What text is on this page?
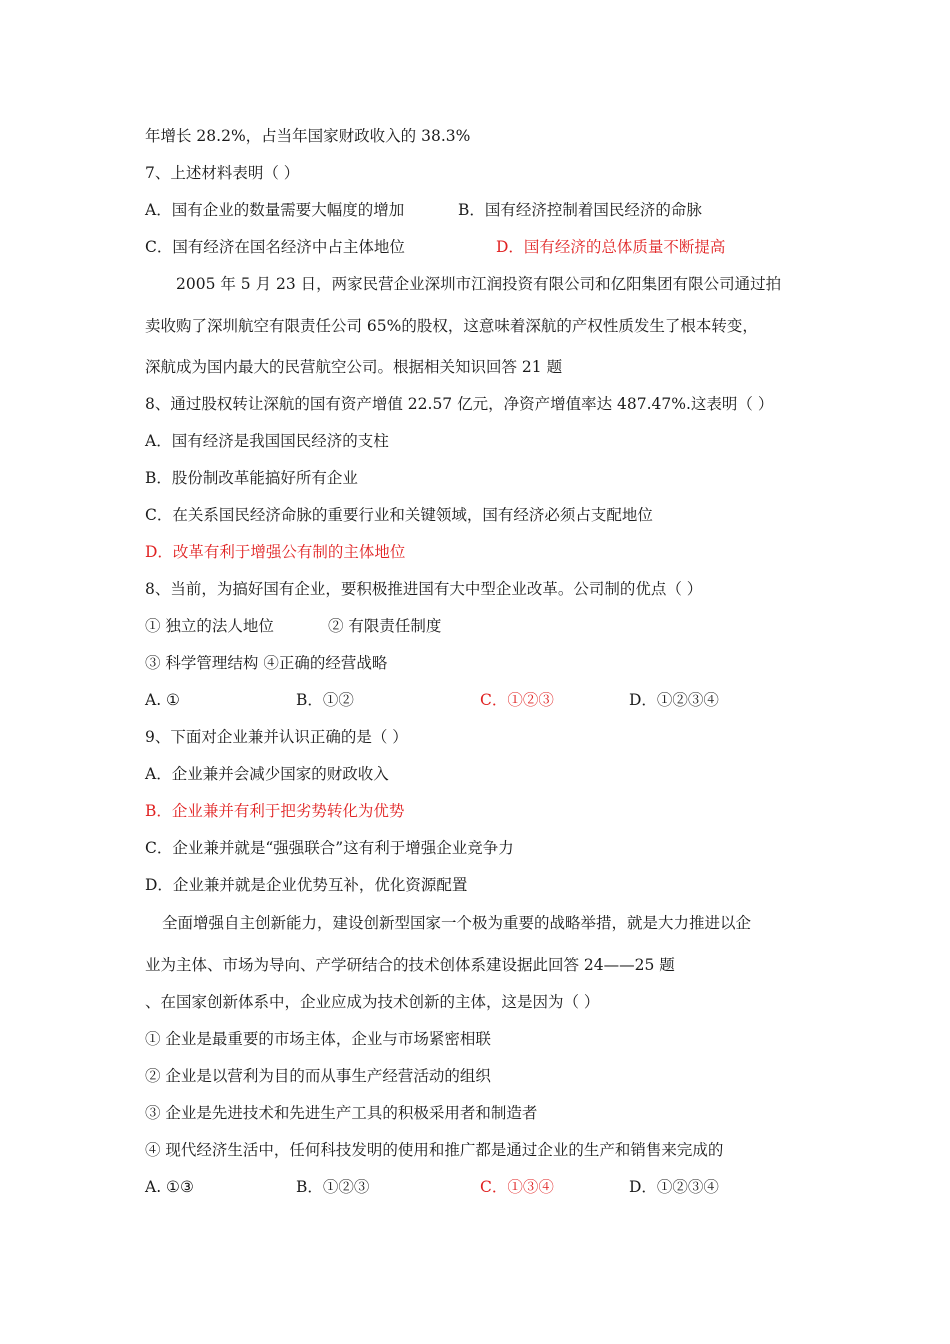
年增长 28.2%，占当年国家财政收入的 38.3%
7、上述材料表明（ ）
A．国有企业的数量需要大幅度的增加	B．国有经济控制着国民经济的命脉
C．国有经济在国名经济中占主体地位	D．国有经济的总体质量不断提高
2005 年 5 月 23 日，两家民营企业深圳市江润投资有限公司和亿阳集团有限公司通过拍
卖收购了深圳航空有限责任公司 65%的股权，这意味着深航的产权性质发生了根本转变，
深航成为国内最大的民营航空公司。根据相关知识回答 21 题
8、通过股权转让深航的国有资产增值 22.57 亿元，净资产增值率达 487.47%.这表明（ ）
A．国有经济是我国国民经济的支柱
B．股份制改革能搞好所有企业
C．在关系国民经济命脉的重要行业和关键领域，国有经济必须占支配地位
D．改革有利于增强公有制的主体地位
8、当前，为搞好国有企业，要积极推进国有大中型企业改革。公司制的优点（ ）
① 独立的法人地位	② 有限责任制度
③ 科学管理结构 ④正确的经营战略
A. ①	B．①②	C．①②③	D．①②③④
9、下面对企业兼并认识正确的是（ ）
A．企业兼并会减少国家的财政收入
B．企业兼并有利于把劣势转化为优势
C．企业兼并就是“强强联合”这有利于增强企业竞争力
D．企业兼并就是企业优势互补，优化资源配置
全面增强自主创新能力，建设创新型国家一个极为重要的战略举措，就是大力推进以企
业为主体、市场为导向、产学研结合的技术创体系建设据此回答 24——25 题
、在国家创新体系中，企业应成为技术创新的主体，这是因为（ ）
① 企业是最重要的市场主体，企业与市场紧密相联
② 企业是以营利为目的而从事生产经营活动的组织
③ 企业是先进技术和先进生产工具的积极采用者和制造者
④ 现代经济生活中，任何科技发明的使用和推广都是通过企业的生产和销售来完成的
A. ①③	B．①②③	C．①③④	D．①②③④
